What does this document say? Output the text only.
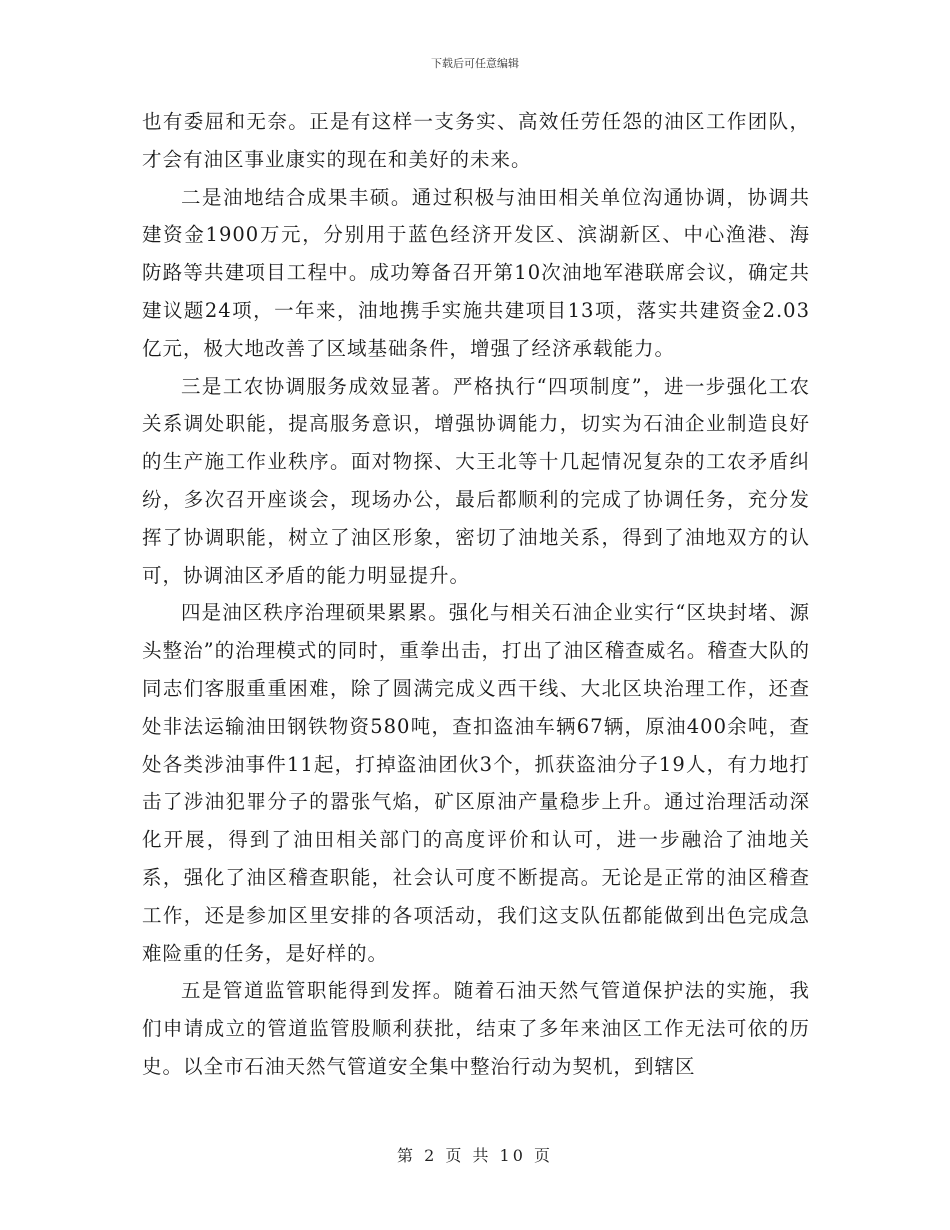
下载后可任意编辑

也有委屈和无奈。正是有这样一支务实、高效任劳任怨的油区工作团队，才会有油区事业康实的现在和美好的未来。

二是油地结合成果丰硕。通过积极与油田相关单位沟通协调，协调共建资金1900万元，分别用于蓝色经济开发区、滨湖新区、中心渔港、海防路等共建项目工程中。成功筹备召开第10次油地军港联席会议，确定共建议题24项，一年来，油地携手实施共建项目13项，落实共建资金2.03亿元，极大地改善了区域基础条件，增强了经济承载能力。

三是工农协调服务成效显著。严格执行“四项制度”，进一步强化工农关系调处职能，提高服务意识，增强协调能力，切实为石油企业制造良好的生产施工作业秩序。面对物探、大王北等十几起情况复杂的工农矛盾纠纷，多次召开座谈会，现场办公，最后都顺利的完成了协调任务，充分发挥了协调职能，树立了油区形象，密切了油地关系，得到了油地双方的认可，协调油区矛盾的能力明显提升。

四是油区秩序治理硕果累累。强化与相关石油企业实行“区块封堵、源头整治”的治理模式的同时，重拳出击，打出了油区稽查威名。稽查大队的同志们客服重重困难，除了圆满完成义西干线、大北区块治理工作，还查处非法运输油田钢铁物资580吨，查扣盗油车辆67辆，原油400余吨，查处各类涉油事件11起，打掉盗油团伙3个，抓获盗油分子19人，有力地打击了涉油犯罪分子的嚣张气焰，矿区原油产量稳步上升。通过治理活动深化开展，得到了油田相关部门的高度评价和认可，进一步融洽了油地关系，强化了油区稽查职能，社会认可度不断提高。无论是正常的油区稽查工作，还是参加区里安排的各项活动，我们这支队伍都能做到出色完成急难险重的任务，是好样的。

五是管道监管职能得到发挥。随着石油天然气管道保护法的实施，我们申请成立的管道监管股顺利获批，结束了多年来油区工作无法可依的历史。以全市石油天然气管道安全集中整治行动为契机，到辖区

第 2 页 共 10 页
